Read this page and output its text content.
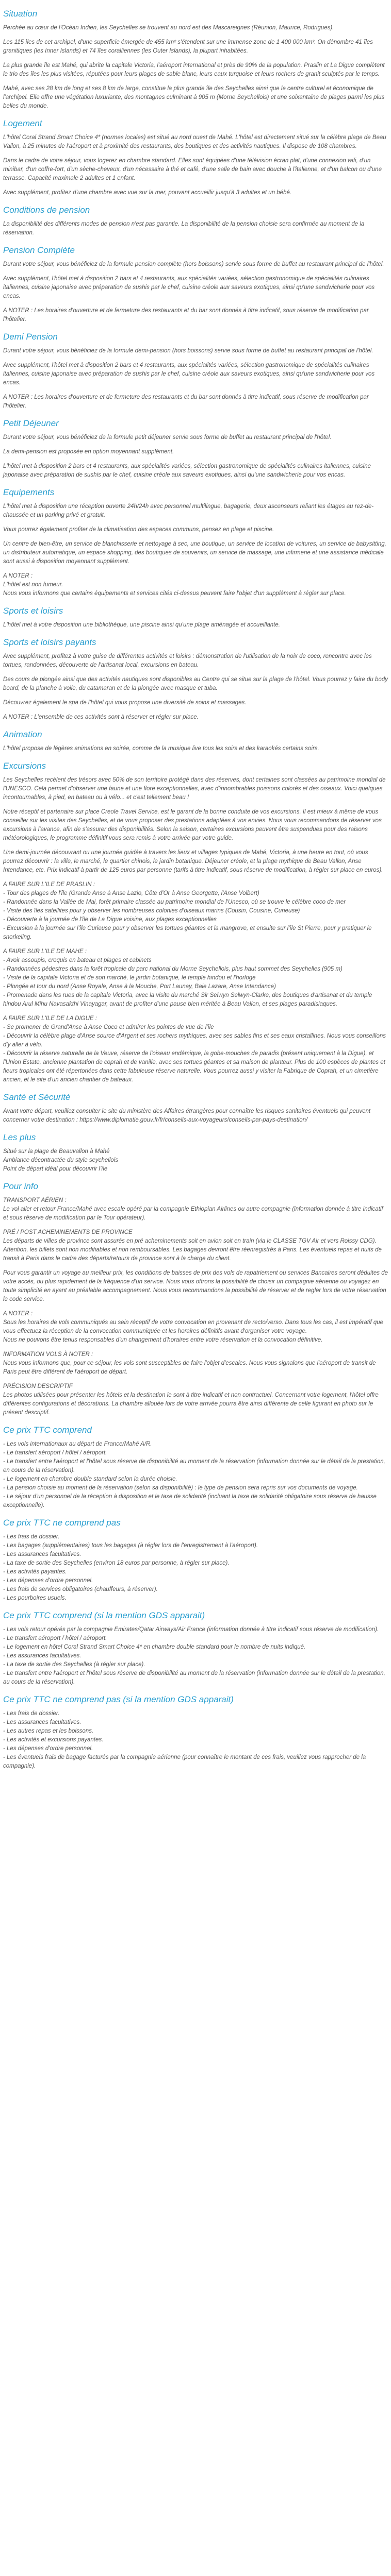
Situation

Perchée au cœur de l'Océan Indien, les Seychelles se trouvent au nord est des Mascareignes (Réunion, Maurice, Rodrigues).

Les 115 îles de cet archipel, d'une superficie émergée de 455 km² s'étendent sur une immense zone de 1 400 000 km². On dénombre 41 îles granitiques (les Inner Islands) et 74 îles coralliennes (les Outer Islands), la plupart inhabitées.

La plus grande île est Mahé, qui abrite la capitale Victoria, l'aéroport international et près de 90% de la population. Praslin et La Digue complètent le trio des îles les plus visitées, réputées pour leurs plages de sable blanc, leurs eaux turquoise et leurs rochers de granit sculptés par le temps.

Mahé, avec ses 28 km de long et ses 8 km de large, constitue la plus grande île des Seychelles ainsi que le centre culturel et économique de l'archipel. Elle offre une végétation luxuriante, des montagnes culminant à 905 m (Morne Seychellois) et une soixantaine de plages parmi les plus belles du monde.

Logement

L'hôtel Coral Strand Smart Choice 4* (normes locales) est situé au nord ouest de Mahé. L'hôtel est directement situé sur la célèbre plage de Beau Vallon, à 25 minutes de l'aéroport et à proximité des restaurants, des boutiques et des activités nautiques. Il dispose de 108 chambres.

Dans le cadre de votre séjour, vous logerez en chambre standard. Elles sont équipées d'une télévision écran plat, d'une connexion wifi, d'un minibar, d'un coffre-fort, d'un sèche-cheveux, d'un nécessaire à thé et café, d'une salle de bain avec douche à l'italienne, et d'un balcon ou d'une terrasse. Capacité maximale 2 adultes et 1 enfant.

Avec supplément, profitez d'une chambre avec vue sur la mer, pouvant accueillir jusqu'à 3 adultes et un bébé.

Conditions de pension

La disponibilité des différents modes de pension n'est pas garantie. La disponibilité de la pension choisie sera confirmée au moment de la réservation.

Pension Complète

Durant votre séjour, vous bénéficiez de la formule pension complète (hors boissons) servie sous forme de buffet au restaurant principal de l'hôtel.

Avec supplément, l'hôtel met à disposition 2 bars et 4 restaurants, aux spécialités variées, sélection gastronomique de spécialités culinaires italiennes, cuisine japonaise avec préparation de sushis par le chef, cuisine créole aux saveurs exotiques, ainsi qu'une sandwicherie pour vos encas.

A NOTER : Les horaires d'ouverture et de fermeture des restaurants et du bar sont donnés à titre indicatif, sous réserve de modification par l'hôtelier.

Demi Pension

Durant votre séjour, vous bénéficiez de la formule demi-pension (hors boissons) servie sous forme de buffet au restaurant principal de l'hôtel.

Avec supplément, l'hôtel met à disposition 2 bars et 4 restaurants, aux spécialités variées, sélection gastronomique de spécialités culinaires italiennes, cuisine japonaise avec préparation de sushis par le chef, cuisine créole aux saveurs exotiques, ainsi qu'une sandwicherie pour vos encas.

A NOTER : Les horaires d'ouverture et de fermeture des restaurants et du bar sont donnés à titre indicatif, sous réserve de modification par l'hôtelier.

Petit Déjeuner

Durant votre séjour, vous bénéficiez de la formule petit déjeuner servie sous forme de buffet au restaurant principal de l'hôtel.

La demi-pension est proposée en option moyennant supplément.

L'hôtel met à disposition 2 bars et 4 restaurants, aux spécialités variées, sélection gastronomique de spécialités culinaires italiennes, cuisine japonaise avec préparation de sushis par le chef, cuisine créole aux saveurs exotiques, ainsi qu'une sandwicherie pour vos encas.

Equipements

L'hôtel met à disposition une réception ouverte 24h/24h avec personnel multilingue, bagagerie, deux ascenseurs reliant les étages au rez-de-chaussée et un parking privé et gratuit.

Vous pourrez également profiter de la climatisation des espaces communs, pensez en plage et piscine.

Un centre de bien-être, un service de blanchisserie et nettoyage à sec, une boutique, un service de location de voitures, un service de babysitting, un distributeur automatique, un espace shopping, des boutiques de souvenirs, un service de massage, une infirmerie et une assistance médicale sont aussi à disposition moyennant supplément.

A NOTER :
L'hôtel est non fumeur.
Nous vous informons que certains équipements et services cités ci-dessus peuvent faire l'objet d'un supplément à régler sur place.

Sports et loisirs

L'hôtel met à votre disposition une bibliothèque, une piscine ainsi qu'une plage aménagée et accueillante.

Sports et loisirs payants

Avec supplément, profitez à votre guise de différentes activités et loisirs : démonstration de l'utilisation de la noix de coco, rencontre avec les tortues, randonnées, découverte de l'artisanat local, excursions en bateau.

Des cours de plongée ainsi que des activités nautiques sont disponibles au Centre qui se situe sur la plage de l'hôtel. Vous pourrez y faire du body board, de la planche à voile, du catamaran et de la plongée avec masque et tuba.

Découvrez également le spa de l'hôtel qui vous propose une diversité de soins et massages.

A NOTER : L'ensemble de ces activités sont à réserver et régler sur place.

Animation

L'hôtel propose de légères animations en soirée, comme de la musique live tous les soirs et des karaokés certains soirs.

Excursions

Les Seychelles recèlent des trésors avec 50% de son territoire protégé dans des réserves, dont certaines sont classées au patrimoine mondial de l'UNESCO. Cela permet d'observer une faune et une flore exceptionnelles, avec d'innombrables poissons colorés et des oiseaux. Voici quelques incontournables, à pied, en bateau ou à vélo... et c'est tellement beau !

Notre réceptif et partenaire sur place Creole Travel Service, est le garant de la bonne conduite de vos excursions. Il est mieux à même de vous conseiller sur les visites des Seychelles, et de vous proposer des prestations adaptées à vos envies. Nous vous recommandons de réserver vos excursions à l'avance, afin de s'assurer des disponibilités. Selon la saison, certaines excursions peuvent être suspendues pour des raisons météorologiques, le programme définitif vous sera remis à votre arrivée par votre guide.

Une demi-journée découvrant ou une journée guidée à travers les lieux et villages typiques de Mahé, Victoria, à une heure en tout, où vous pourrez découvrir : la ville, le marché, le quartier chinois, le jardin botanique. Déjeuner créole, et la plage mythique de Beau Vallon, Anse Intendance, etc. Prix indicatif à partir de 125 euros par personne (tarifs à titre indicatif, sous réserve de modification, à régler sur place en euros).

A FAIRE SUR L'ILE DE PRASLIN :
- Tour des plages de l'île (Grande Anse à Anse Lazio, Côte d'Or à Anse Georgette, l'Anse Volbert)
- Randonnée dans la Vallée de Mai, forêt primaire classée au patrimoine mondial de l'Unesco, où se trouve le célèbre coco de mer
- Visite des îles satellites pour y observer les nombreuses colonies d'oiseaux marins (Cousin, Cousine, Curieuse)
- Découverte à la journée de l'île de La Digue voisine, aux plages exceptionnelles
- Excursion à la journée sur l'île Curieuse pour y observer les tortues géantes et la mangrove, et ensuite sur l'île St Pierre, pour y pratiquer le snorkeling.

A FAIRE SUR L'ILE DE MAHE :
- Avoir assoupis, croquis en bateau et plages et cabinets
- Randonnées pédestres dans la forêt tropicale du parc national du Morne Seychellois, plus haut sommet des Seychelles (905 m)
- Visite de la capitale Victoria et de son marché, le jardin botanique, le temple hindou et l'horloge
- Plongée et tour du nord (Anse Royale, Anse à la Mouche, Port Launay, Baie Lazare, Anse Intendance)
- Promenade dans les rues de la capitale Victoria, avec la visite du marché Sir Selwyn Selwyn-Clarke, des boutiques d'artisanat et du temple hindou Arul Mihu Navasakthi Vinayagar, avant de profiter d'une pause bien méritée à Beau Vallon, et ses plages paradisiaques.

A FAIRE SUR L'ILE DE LA DIGUE :
- Se promener de Grand'Anse à Anse Coco et admirer les pointes de vue de l'île
- Découvrir la célèbre plage d'Anse source d'Argent et ses rochers mythiques, avec ses sables fins et ses eaux cristallines. Nous vous conseillons d'y aller à vélo.
- Découvrir la réserve naturelle de la Veuve, réserve de l'oiseau endémique, la gobe-mouches de paradis (présent uniquement à la Digue), et l'Union Estate, ancienne plantation de coprah et de vanille, avec ses tortues géantes et sa maison de planteur. Plus de 100 espèces de plantes et fleurs tropicales ont été répertoriées dans cette fabuleuse réserve naturelle. Vous pourrez aussi y visiter la Fabrique de Coprah, et un cimetière ancien, et le site d'un ancien chantier de bateaux.

Santé et Sécurité

Avant votre départ, veuillez consulter le site du ministère des Affaires étrangères pour connaître les risques sanitaires éventuels qui peuvent concerner votre destination : https://www.diplomatie.gouv.fr/fr/conseils-aux-voyageurs/conseils-par-pays-destination/

Les plus

Situé sur la plage de Beauvallon à Mahé
Ambiance décontractée du style seychellois
Point de départ idéal pour découvrir l'île

Pour info

TRANSPORT AÉRIEN :
Le vol aller et retour France/Mahé avec escale opéré par la compagnie Ethiopian Airlines ou autre compagnie (information donnée à titre indicatif et sous réserve de modification par le Tour opérateur).

PRÉ / POST ACHEMINEMENTS DE PROVINCE
Les départs de villes de province sont assurés en pré acheminements soit en avion soit en train (via le CLASSE TGV Air et vers Roissy CDG). Attention, les billets sont non modifiables et non remboursables. Les bagages devront être réenregistrés à Paris. Les éventuels repas et nuits de transit à Paris dans le cadre des départs/retours de province sont à la charge du client.

Pour vous garantir un voyage au meilleur prix, les conditions de baisses de prix des vols de rapatriement ou services Bancaires seront déduites de votre accès, ou plus rapidement de la fréquence d'un service. Nous vous offrons la possibilité de choisir un compagnie aérienne ou voyagez en toute simplicité en ayant au préalable accompagnement. Nous vous recommandons la possibilité de réserver et de regler lors de votre réservation le code service.

A NOTER :
Sous les horaires de vols communiqués au sein réceptif de votre convocation en provenant de recto/verso. Dans tous les cas, il est impératif que vous effectuez la réception de la convocation communiquée et les horaires définitifs avant d'organiser votre voyage.
Nous ne pouvons être tenus responsables d'un changement d'horaires entre votre réservation et la convocation définitive.

INFORMATION VOLS À NOTER :
Nous vous informons que, pour ce séjour, les vols sont susceptibles de faire l'objet d'escales. Nous vous signalons que l'aéroport de transit de Paris peut être différent de l'aéroport de départ.

PRÉCISION DESCRIPTIF
Les photos utilisées pour présenter les hôtels et la destination le sont à titre indicatif et non contractuel. Concernant votre logement, l'hôtel offre différentes configurations et décorations. La chambre allouée lors de votre arrivée pourra être ainsi différente de celle figurant en photo sur le présent descriptif.

Ce prix TTC comprend

- Les vols internationaux au départ de France/Mahé A/R.
- Le transfert aéroport / hôtel / aéroport.
- Le transfert entre l'aéroport et l'hôtel sous réserve de disponibilité au moment de la réservation (information donnée sur le détail de la prestation, en cours de la réservation).
- Le logement en chambre double standard selon la durée choisie.
- La pension choisie au moment de la réservation (selon sa disponibilité) : le type de pension sera repris sur vos documents de voyage.
- Le séjour d'un personnel de la réception à disposition et le taxe de solidarité (incluant la taxe de solidarité obligatoire sous réserve de hausse exceptionnelle).

Ce prix TTC ne comprend pas

- Les frais de dossier.
- Les bagages (supplémentaires) tous les bagages (à régler lors de l'enregistrement à l'aéroport).
- Les assurances facultatives.
- La taxe de sortie des Seychelles (environ 18 euros par personne, à régler sur place).
- Les activités payantes.
- Les dépenses d'ordre personnel.
- Les frais de services obligatoires (chauffeurs, à réserver).
- Les pourboires usuels.

Ce prix TTC comprend (si la mention GDS apparait)

- Les vols retour opérés par la compagnie Emirates/Qatar Airways/Air France (information donnée à titre indicatif sous réserve de modification).
- Le transfert aéroport / hôtel / aéroport.
- Le logement en hôtel Coral Strand Smart Choice 4* en chambre double standard pour le nombre de nuits indiqué.
- Les assurances facultatives.
- La taxe de sortie des Seychelles (à régler sur place).
- Le transfert entre l'aéroport et l'hôtel sous réserve de disponibilité au moment de la réservation (information donnée sur le détail de la prestation, au cours de la réservation).

Ce prix TTC ne comprend pas (si la mention GDS apparait)

- Les frais de dossier.
- Les assurances facultatives.
- Les autres repas et les boissons.
- Les activités et excursions payantes.
- Les dépenses d'ordre personnel.
- Les éventuels frais de bagage facturés par la compagnie aérienne (pour connaître le montant de ces frais, veuillez vous rapprocher de la compagnie).
